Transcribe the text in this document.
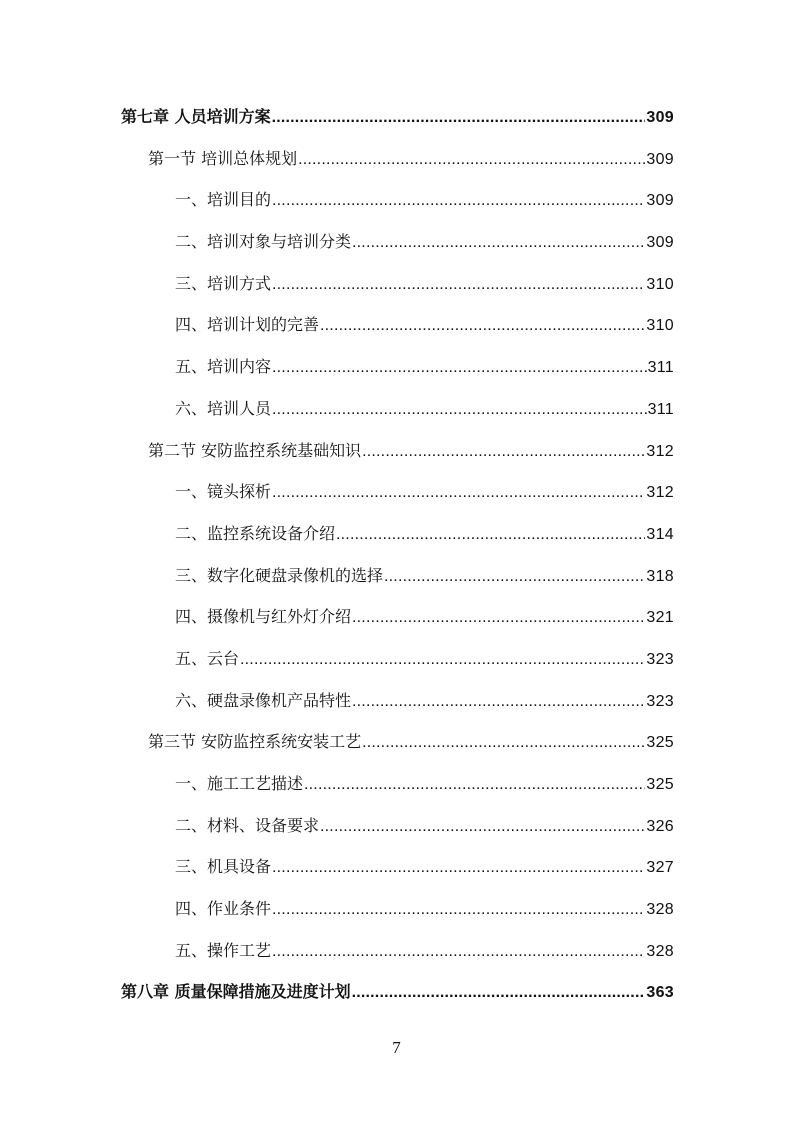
第七章 人员培训方案 .....	309
第一节 培训总体规划 .....	309
一、培训目的 .....	309
二、培训对象与培训分类 .....	309
三、培训方式 .....	310
四、培训计划的完善 .....	310
五、培训内容 .....	311
六、培训人员 .....	311
第二节 安防监控系统基础知识 .....	312
一、镜头探析 .....	312
二、监控系统设备介绍 .....	314
三、数字化硬盘录像机的选择 .....	318
四、摄像机与红外灯介绍 .....	321
五、云台 .....	323
六、硬盘录像机产品特性 .....	323
第三节 安防监控系统安装工艺 .....	325
一、施工工艺描述 .....	325
二、材料、设备要求 .....	326
三、机具设备 .....	327
四、作业条件 .....	328
五、操作工艺 .....	328
第八章 质量保障措施及进度计划 .....	363
7
